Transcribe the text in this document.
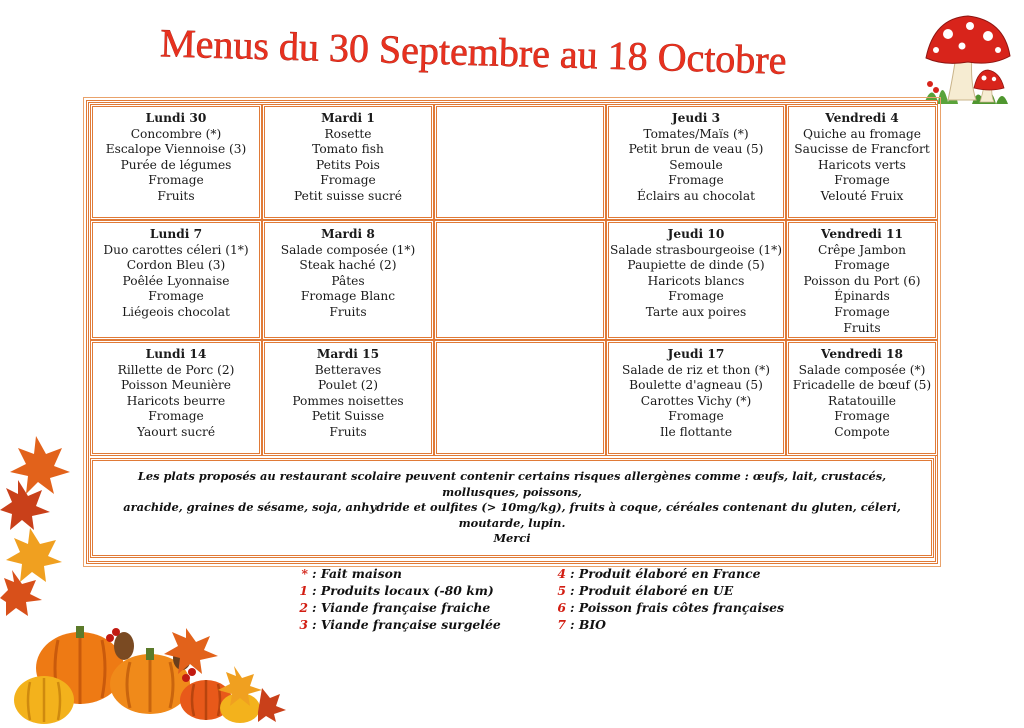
Menus du 30 Septembre au 18 Octobre
Lundi 30
Concombre (*)
Escalope Viennoise (3)
Purée de légumes
Fromage
Fruits
Mardi 1
Rosette
Tomato fish
Petits Pois
Fromage
Petit suisse sucré
Jeudi 3
Tomates/Maïs (*)
Petit brun de veau (5)
Semoule
Fromage
Éclairs au chocolat
Vendredi 4
Quiche au fromage
Saucisse de Francfort
Haricots verts
Fromage
Velouté Fruix
Lundi 7
Duo carottes céleri (1*)
Cordon Bleu (3)
Poêlée Lyonnaise
Fromage
Liégeois chocolat
Mardi 8
Salade composée (1*)
Steak haché (2)
Pâtes
Fromage Blanc
Fruits
Jeudi 10
Salade strasbourgeoise (1*)
Paupiette de dinde (5)
Haricots blancs
Fromage
Tarte aux poires
Vendredi 11
Crêpe Jambon Fromage
Poisson du Port (6)
Épinards
Fromage
Fruits
Lundi 14
Rillette de Porc (2)
Poisson Meunière
Haricots beurre
Fromage
Yaourt sucré
Mardi 15
Betteraves
Poulet (2)
Pommes noisettes
Petit Suisse
Fruits
Jeudi 17
Salade de riz et thon (*)
Boulette d'agneau (5)
Carottes Vichy (*)
Fromage
Ile flottante
Vendredi 18
Salade composée (*)
Fricadelle de bœuf (5)
Ratatouille
Fromage
Compote
Les plats proposés au restaurant scolaire peuvent contenir certains risques allergènes comme : œufs, lait, crustacés, mollusques, poissons,
arachide, graines de sésame, soja, anhydride et oulfites (> 10mg/kg), fruits à coque, céréales contenant du gluten, céleri, moutarde, lupin.
Merci
* : Fait maison
1 : Produits locaux (-80 km)
2 : Viande française fraiche
3 : Viande française surgelée
4 : Produit élaboré en France
5 : Produit élaboré en UE
6 : Poisson frais côtes françaises
7 : BIO
